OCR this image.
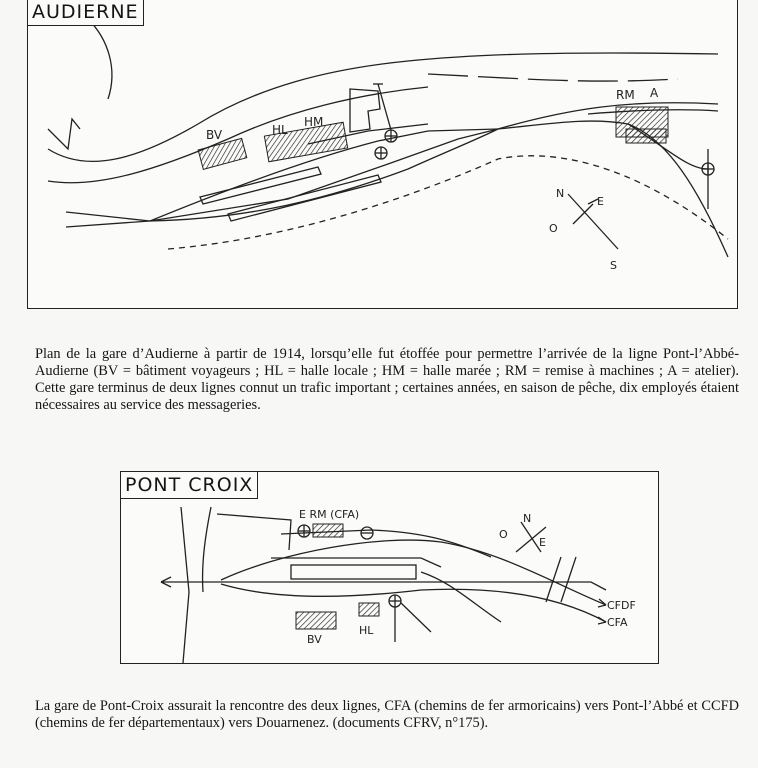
BV	HL
HM
RM A
N
E
O
S
AUDIERNE
Plan de la gare d’Audierne à partir de 1914, lorsqu’elle fut étoffée pour permettre l’arrivée de la ligne Pont-l’Abbé-Audierne (BV = bâtiment voyageurs ; HL = halle locale ; HM = halle marée ; RM = remise à machines ; A = atelier). Cette gare terminus de deux lignes connut un trafic important ; certaines années, en saison de pêche, dix employés étaient nécessaires au service des messageries.
E RM (CFA)	N
O
E
CFDF
CFA
HL
BV
PONT CROIX
La gare de Pont-Croix assurait la rencontre des deux lignes, CFA (chemins de fer armoricains) vers Pont-l’Abbé et CCFD (chemins de fer départementaux) vers Douarnenez. (documents CFRV, n°175).
